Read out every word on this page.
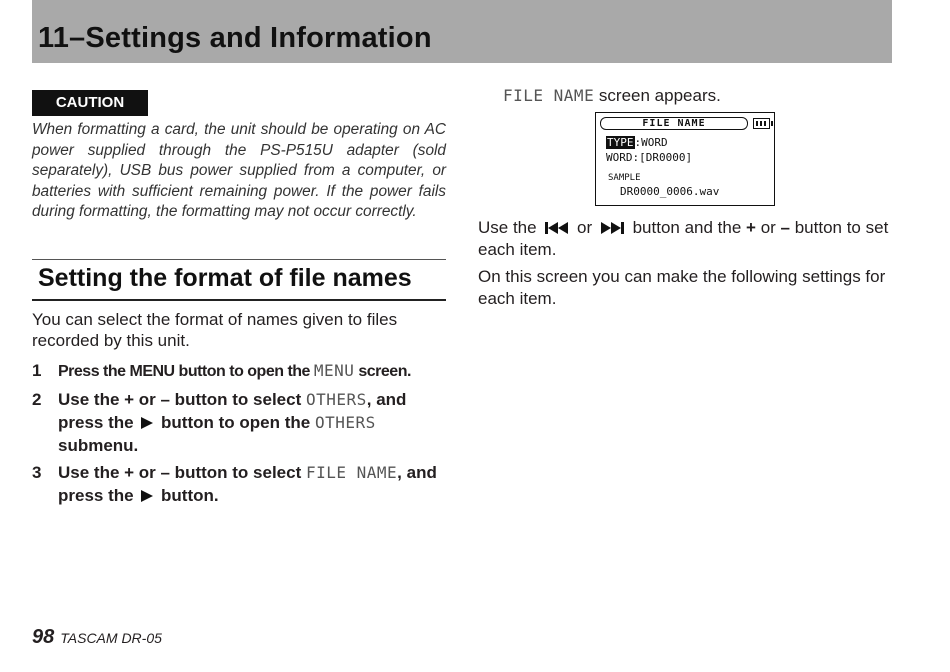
11–Settings and Information
CAUTION
When formatting a card, the unit should be operating on AC power supplied through the PS-P515U adapter (sold separately), USB bus power supplied from a computer, or batteries with sufficient remaining power. If the power fails during formatting, the formatting may not occur correctly.
Setting the format of file names
You can select the format of names given to files recorded by this unit.
1 Press the MENU button to open the MENU screen.
2 Use the + or – button to select OTHERS, and press the  button to open the OTHERS submenu.
3 Use the + or – button to select FILE NAME, and press the  button.
FILE NAME screen appears.
FILE NAME
TYPE:WORD
WORD:[DR0000]
SAMPLE
DR0000_0006.wav
Use the  or  button and the + or – button to set each item.
On this screen you can make the following settings for each item.
98 TASCAM DR-05
